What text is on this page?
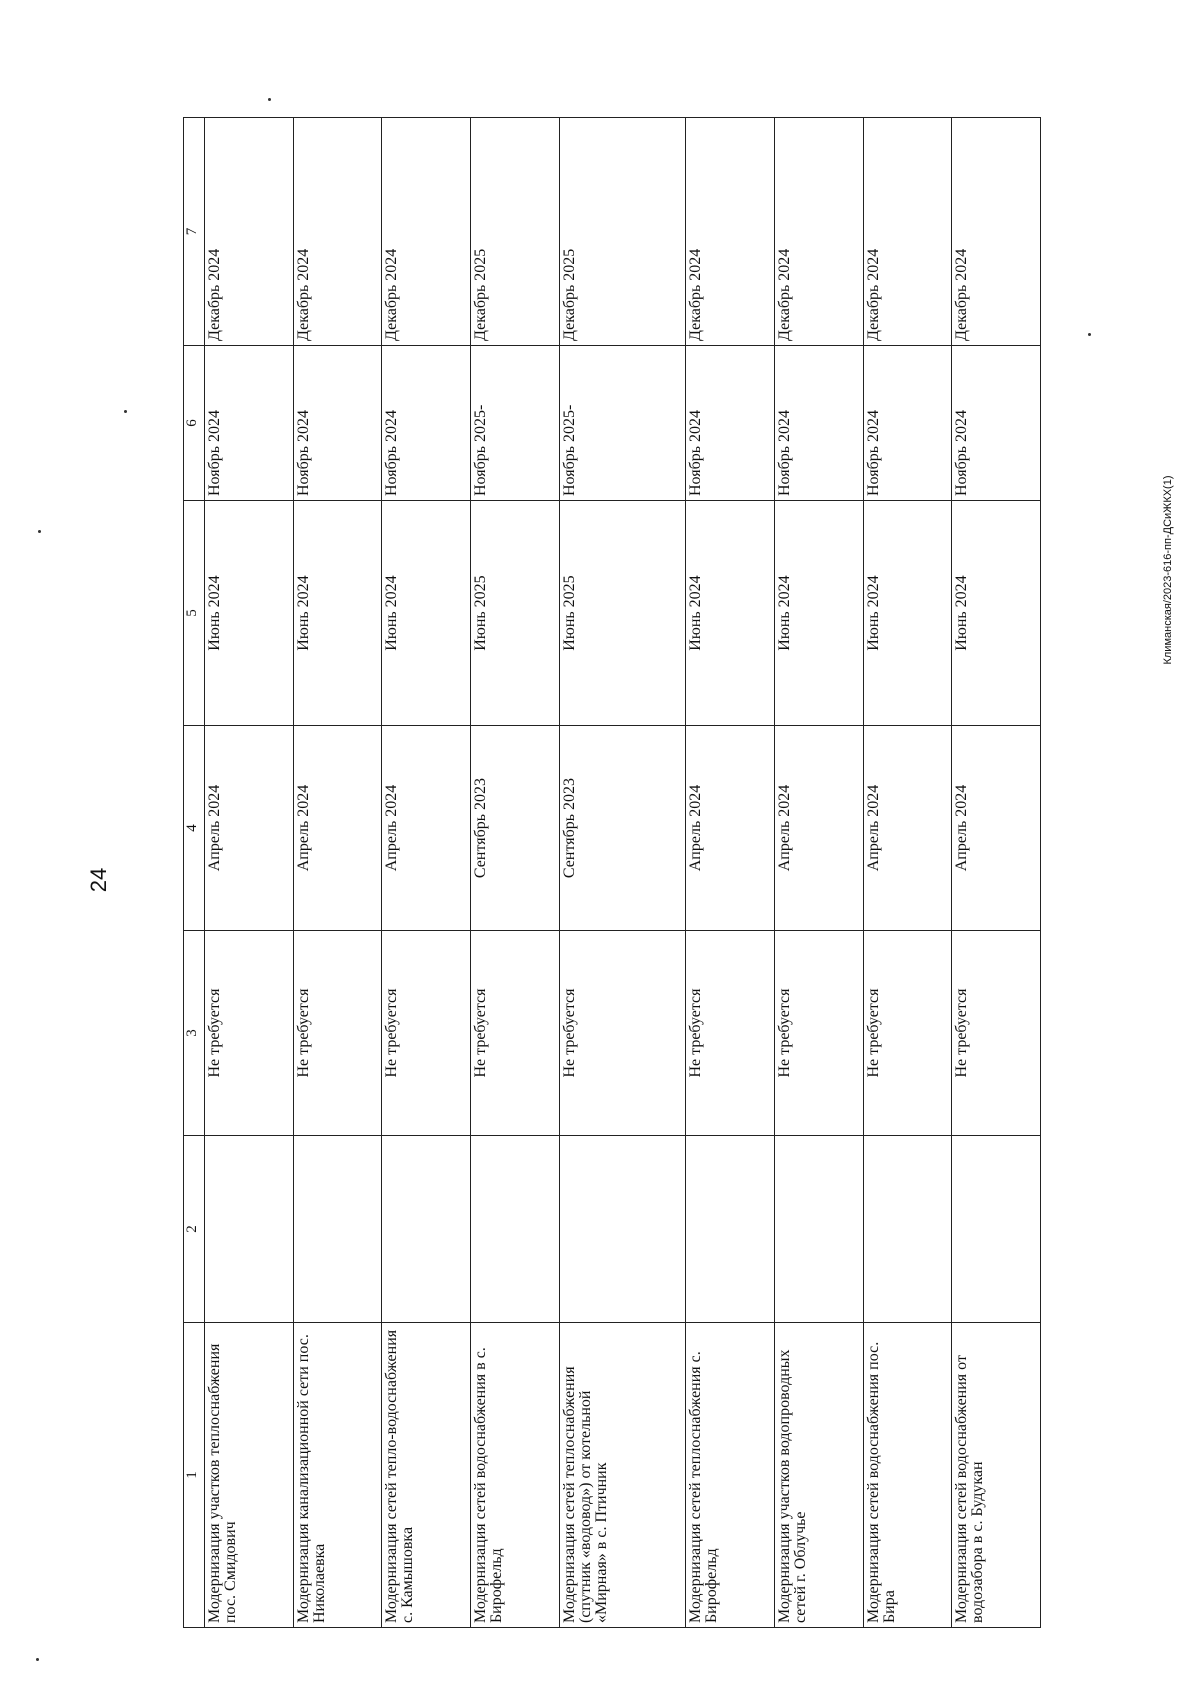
24
Климанская/2023-616-пп-ДСиЖКХ(1)
1	2	3	4	5	6	7
Модернизация участков теплоснабжения пос. Смидович		Не требуется	Апрель 2024	Июнь 2024	Ноябрь 2024	Декабрь 2024
Модернизация канализационной сети пос. Николаевка		Не требуется	Апрель 2024	Июнь 2024	Ноябрь 2024	Декабрь 2024
Модернизация сетей тепло-водоснабжения с. Камышовка		Не требуется	Апрель 2024	Июнь 2024	Ноябрь 2024	Декабрь 2024
Модернизация сетей водоснабжения в с. Бирофельд		Не требуется	Сентябрь 2023	Июнь 2025	Ноябрь 2025-	Декабрь 2025
Модернизация сетей теплоснабжения (спутник «водовод») от котельной «Мирная» в с. Птичник		Не требуется	Сентябрь 2023	Июнь 2025	Ноябрь 2025-	Декабрь 2025
Модернизация сетей теплоснабжения с. Бирофельд		Не требуется	Апрель 2024	Июнь 2024	Ноябрь 2024	Декабрь 2024
Модернизация участков водопроводных сетей г. Облучье		Не требуется	Апрель 2024	Июнь 2024	Ноябрь 2024	Декабрь 2024
Модернизация сетей водоснабжения пос. Бира		Не требуется	Апрель 2024	Июнь 2024	Ноябрь 2024	Декабрь 2024
Модернизация сетей водоснабжения от водозабора в с. Будукан		Не требуется	Апрель 2024	Июнь 2024	Ноябрь 2024	Декабрь 2024
